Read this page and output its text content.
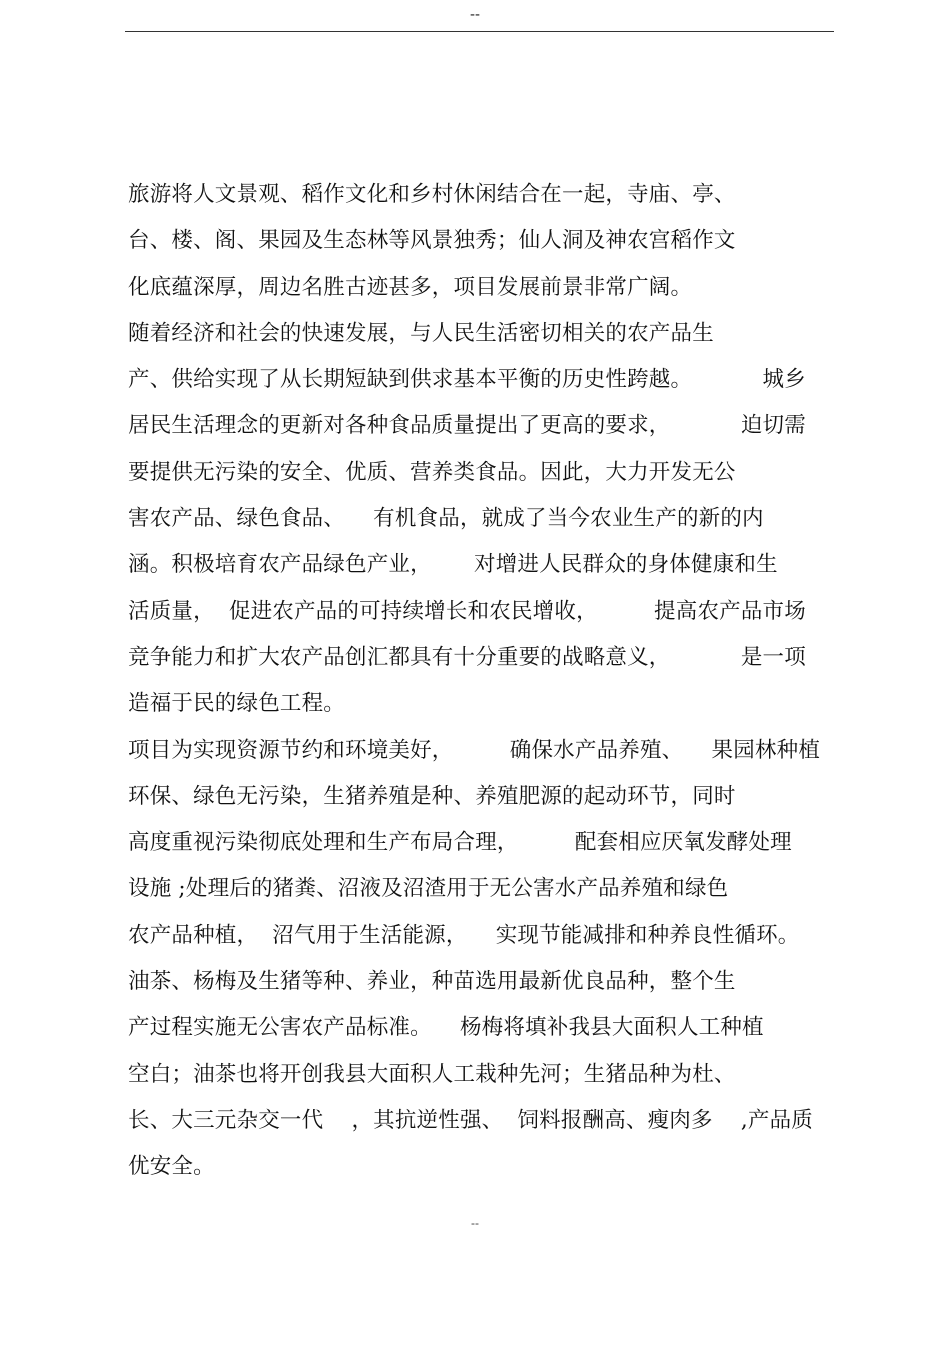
--
旅游将人文景观、稻作文化和乡村休闲结合在一起，寺庙、亭、
台、楼、阁、果园及生态林等风景独秀；仙人洞及神农宫稻作文
化底蕴深厚，周边名胜古迹甚多，项目发展前景非常广阔。
随着经济和社会的快速发展，与人民生活密切相关的农产品生
产、供给实现了从长期短缺到供求基本平衡的历史性跨越。          城乡
居民生活理念的更新对各种食品质量提出了更高的要求，          迫切需
要提供无污染的安全、优质、营养类食品。因此，大力开发无公
害农产品、绿色食品、    有机食品，就成了当今农业生产的新的内
涵。积极培育农产品绿色产业，      对增进人民群众的身体健康和生
活质量，  促进农产品的可持续增长和农民增收，        提高农产品市场
竞争能力和扩大农产品创汇都具有十分重要的战略意义，          是一项
造福于民的绿色工程。
项目为实现资源节约和环境美好，        确保水产品养殖、    果园林种植
环保、绿色无污染，生猪养殖是种、养殖肥源的起动环节，同时
高度重视污染彻底处理和生产布局合理，        配套相应厌氧发酵处理
设施 ;处理后的猪粪、沼液及沼渣用于无公害水产品养殖和绿色
农产品种植，  沼气用于生活能源，    实现节能减排和种养良性循环。
油茶、杨梅及生猪等种、养业，种苗选用最新优良品种，整个生
产过程实施无公害农产品标准。    杨梅将填补我县大面积人工种植
空白；油茶也将开创我县大面积人工栽种先河；生猪品种为杜、
长、大三元杂交一代    ，其抗逆性强、  饲料报酬高、瘦肉多    ,产品质
优安全。
--
